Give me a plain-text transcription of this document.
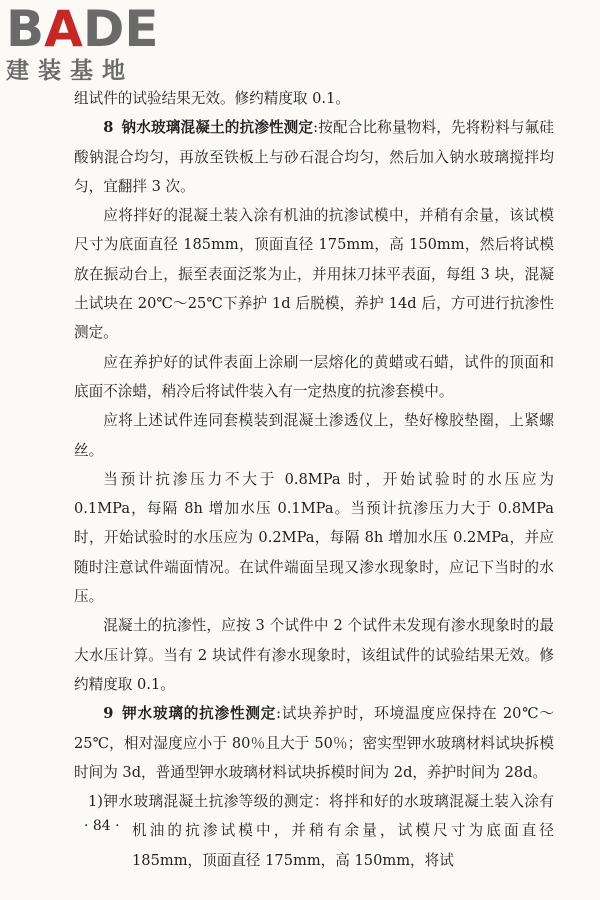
BADE
建装基地

组试件的试验结果无效。修约精度取 0.1。

8 钠水玻璃混凝土的抗渗性测定:按配合比称量物料，先将粉料与氟硅酸钠混合均匀，再放至铁板上与砂石混合均匀，然后加入钠水玻璃搅拌均匀，宜翻拌 3 次。

应将拌好的混凝土装入涂有机油的抗渗试模中，并稍有余量，该试模尺寸为底面直径 185mm，顶面直径 175mm，高 150mm，然后将试模放在振动台上，振至表面泛浆为止，并用抹刀抹平表面，每组 3 块，混凝土试块在 20℃～25℃下养护 1d 后脱模，养护 14d 后，方可进行抗渗性测定。

应在养护好的试件表面上涂刷一层熔化的黄蜡或石蜡，试件的顶面和底面不涂蜡，稍冷后将试件装入有一定热度的抗渗套模中。

应将上述试件连同套模装到混凝土渗透仪上，垫好橡胶垫圈，上紧螺丝。

当预计抗渗压力不大于 0.8MPa 时，开始试验时的水压应为 0.1MPa，每隔 8h 增加水压 0.1MPa。当预计抗渗压力大于 0.8MPa 时，开始试验时的水压应为 0.2MPa，每隔 8h 增加水压 0.2MPa，并应随时注意试件端面情况。在试件端面呈现又渗水现象时，应记下当时的水压。

混凝土的抗渗性，应按 3 个试件中 2 个试件未发现有渗水现象时的最大水压计算。当有 2 块试件有渗水现象时，该组试件的试验结果无效。修约精度取 0.1。

9 钾水玻璃的抗渗性测定:试块养护时，环境温度应保持在 20℃～25℃，相对湿度应小于 80％且大于 50％；密实型钾水玻璃材料试块拆模时间为 3d，普通型钾水玻璃材料试块拆模时间为 2d，养护时间为 28d。

1)钾水玻璃混凝土抗渗等级的测定：将拌和好的水玻璃混凝土装入涂有机油的抗渗试模中，并稍有余量，试模尺寸为底面直径 185mm，顶面直径 175mm，高 150mm，将试

· 84 ·
